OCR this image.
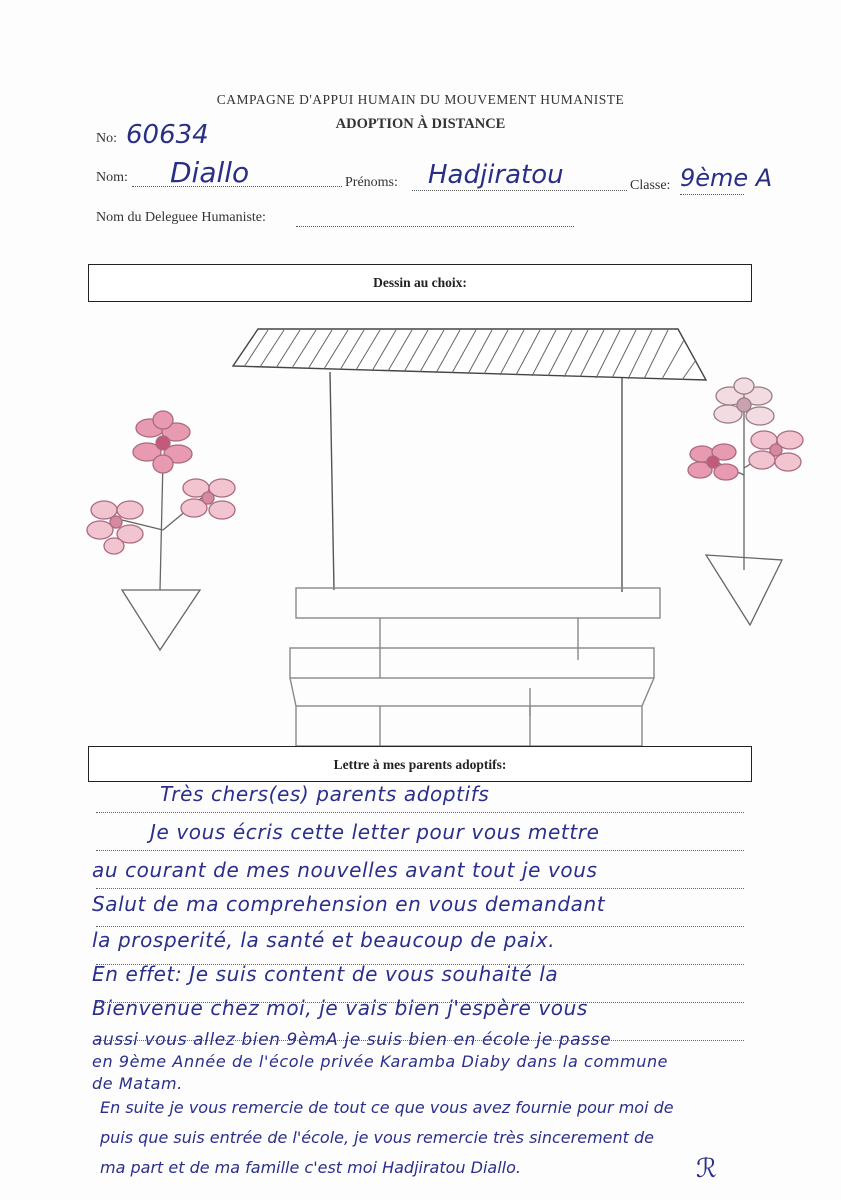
CAMPAGNE D'APPUI HUMAIN DU MOUVEMENT HUMANISTE
ADOPTION À DISTANCE
No: 60634
Nom: Diallo	Prénoms: Hadjiratou	Classe: 9ème A
Nom du Deleguee Humaniste:
Dessin au choix:
Lettre à mes parents adoptifs:
Très chers(es) parents adoptifs
Je vous écris cette letter pour vous mettre
au courant de mes nouvelles avant tout je vous
Salut de ma comprehension en vous demandant
la prosperité, la santé et beaucoup de paix.
En effet: Je suis content de vous souhaité la
Bienvenue chez moi, je vais bien j'espère vous
aussi vous allez bien 9èmA je suis bien en école je passe
en 9ème Année de l'école privée Karamba Diaby dans la commune
de Matam.
En suite je vous remercie de tout ce que vous avez fournie pour moi de
puis que suis entrée de l'école, je vous remercie très sincerement de
ma part et de ma famille c'est moi Hadjiratou Diallo.	ℛ
